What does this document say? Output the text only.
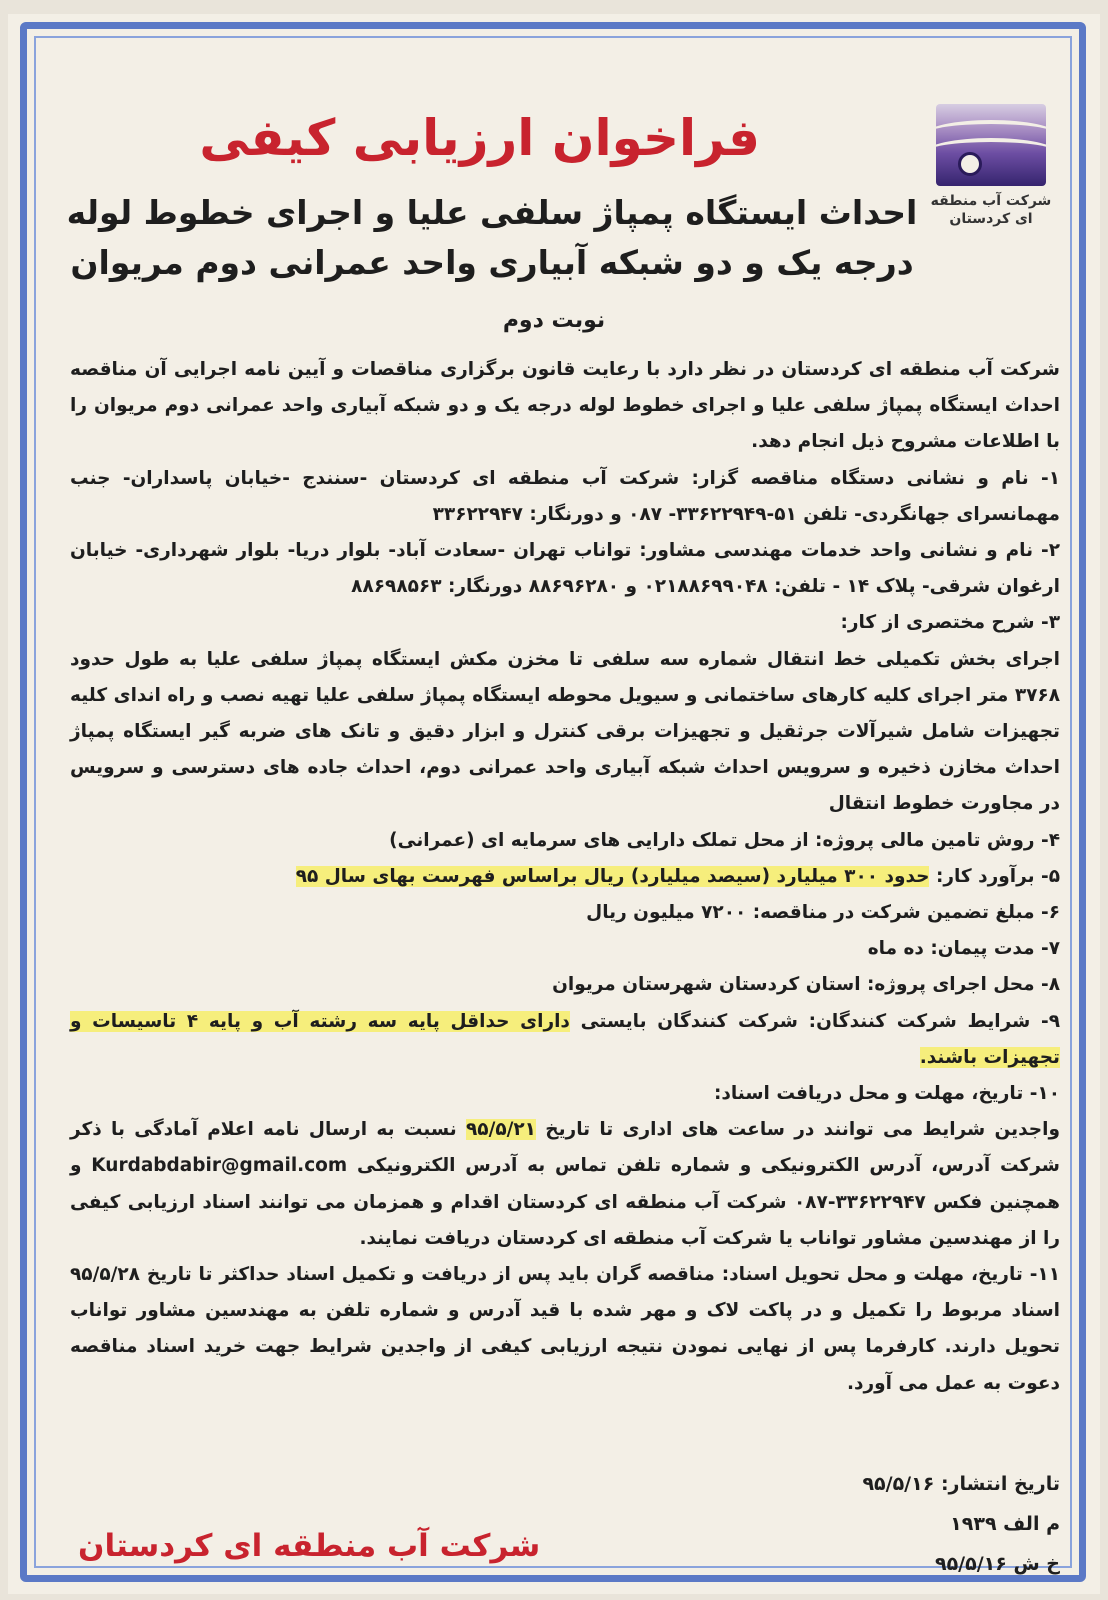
شرکت آب منطقه ای کردستان
فراخوان ارزیابی کیفی
احداث ایستگاه پمپاژ سلفی علیا و اجرای خطوط لوله درجه یک و دو شبکه آبیاری واحد عمرانی دوم مریوان
نوبت دوم

شرکت آب منطقه ای کردستان در نظر دارد با رعایت قانون برگزاری مناقصات و آیین نامه اجرایی آن مناقصه احداث ایستگاه پمپاژ سلفی علیا و اجرای خطوط لوله درجه یک و دو شبکه آبیاری واحد عمرانی دوم مریوان را با اطلاعات مشروح ذیل انجام دهد.

۱- نام و نشانی دستگاه مناقصه گزار: شرکت آب منطقه ای کردستان -سنندج -خیابان پاسداران- جنب مهمانسرای جهانگردی- تلفن ۵۱-۳۳۶۲۲۹۴۹- ۰۸۷ و دورنگار: ۳۳۶۲۲۹۴۷

۲- نام و نشانی واحد خدمات مهندسی مشاور: تواناب تهران -سعادت آباد- بلوار دریا- بلوار شهرداری- خیابان ارغوان شرقی- پلاک ۱۴ - تلفن: ۰۲۱۸۸۶۹۹۰۴۸ و ۸۸۶۹۶۲۸۰ دورنگار: ۸۸۶۹۸۵۶۳

۳- شرح مختصری از کار:

اجرای بخش تکمیلی خط انتقال شماره سه سلفی تا مخزن مکش ایستگاه پمپاژ سلفی علیا به طول حدود ۳۷۶۸ متر اجرای کلیه کارهای ساختمانی و سیویل محوطه ایستگاه پمپاژ سلفی علیا تهیه نصب و راه اندای کلیه تجهیزات شامل شیرآلات جرثقیل و تجهیزات برقی کنترل و ابزار دقیق و تانک های ضربه گیر ایستگاه پمپاژ احداث مخازن ذخیره و سرویس احداث شبکه آبیاری واحد عمرانی دوم، احداث جاده های دسترسی و سرویس در مجاورت خطوط انتقال

۴- روش تامین مالی پروژه: از محل تملک دارایی های سرمایه ای (عمرانی)

۵- برآورد کار: حدود ۳۰۰ میلیارد (سیصد میلیارد) ریال براساس فهرست بهای سال ۹۵

۶- مبلغ تضمین شرکت در مناقصه: ۷۲۰۰ میلیون ریال

۷- مدت پیمان: ده ماه

۸- محل اجرای پروژه: استان کردستان شهرستان مریوان

۹- شرایط شرکت کنندگان: شرکت کنندگان بایستی دارای حداقل پایه سه رشته آب و پایه ۴ تاسیسات و تجهیزات باشند.

۱۰- تاریخ، مهلت و محل دریافت اسناد:

واجدین شرایط می توانند در ساعت های اداری تا تاریخ ۹۵/۵/۲۱ نسبت به ارسال نامه اعلام آمادگی با ذکر شرکت آدرس، آدرس الکترونیکی و شماره تلفن تماس به آدرس الکترونیکی Kurdabdabir@gmail.com و همچنین فکس ۳۳۶۲۲۹۴۷-۰۸۷ شرکت آب منطقه ای کردستان اقدام و همزمان می توانند اسناد ارزیابی کیفی را از مهندسین مشاور تواناب یا شرکت آب منطقه ای کردستان دریافت نمایند.

۱۱- تاریخ، مهلت و محل تحویل اسناد: مناقصه گران باید پس از دریافت و تکمیل اسناد حداکثر تا تاریخ ۹۵/۵/۲۸ اسناد مربوط را تکمیل و در پاکت لاک و مهر شده با قید آدرس و شماره تلفن به مهندسین مشاور تواناب تحویل دارند. کارفرما پس از نهایی نمودن نتیجه ارزیابی کیفی از واجدین شرایط جهت خرید اسناد مناقصه دعوت به عمل می آورد.

تاریخ انتشار: ۹۵/۵/۱۶
م الف ۱۹۳۹
خ ش ۹۵/۵/۱۶
شرکت آب منطقه ای کردستان
